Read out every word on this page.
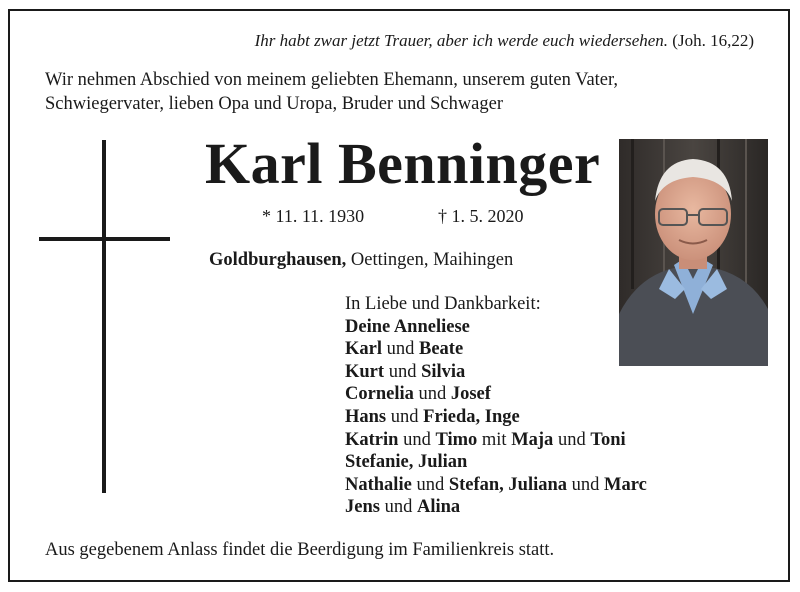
Ihr habt zwar jetzt Trauer, aber ich werde euch wiedersehen. (Joh. 16,22)
Wir nehmen Abschied von meinem geliebten Ehemann, unserem guten Vater,
Schwiegervater, lieben Opa und Uropa, Bruder und Schwager
Karl Benninger
* 11. 11. 1930	† 1. 5. 2020
Goldburghausen, Oettingen, Maihingen
In Liebe und Dankbarkeit:
Deine Anneliese
Karl und Beate
Kurt und Silvia
Cornelia und Josef
Hans und Frieda, Inge
Katrin und Timo mit Maja und Toni
Stefanie, Julian
Nathalie und Stefan, Juliana und Marc
Jens und Alina
Aus gegebenem Anlass findet die Beerdigung im Familienkreis statt.
